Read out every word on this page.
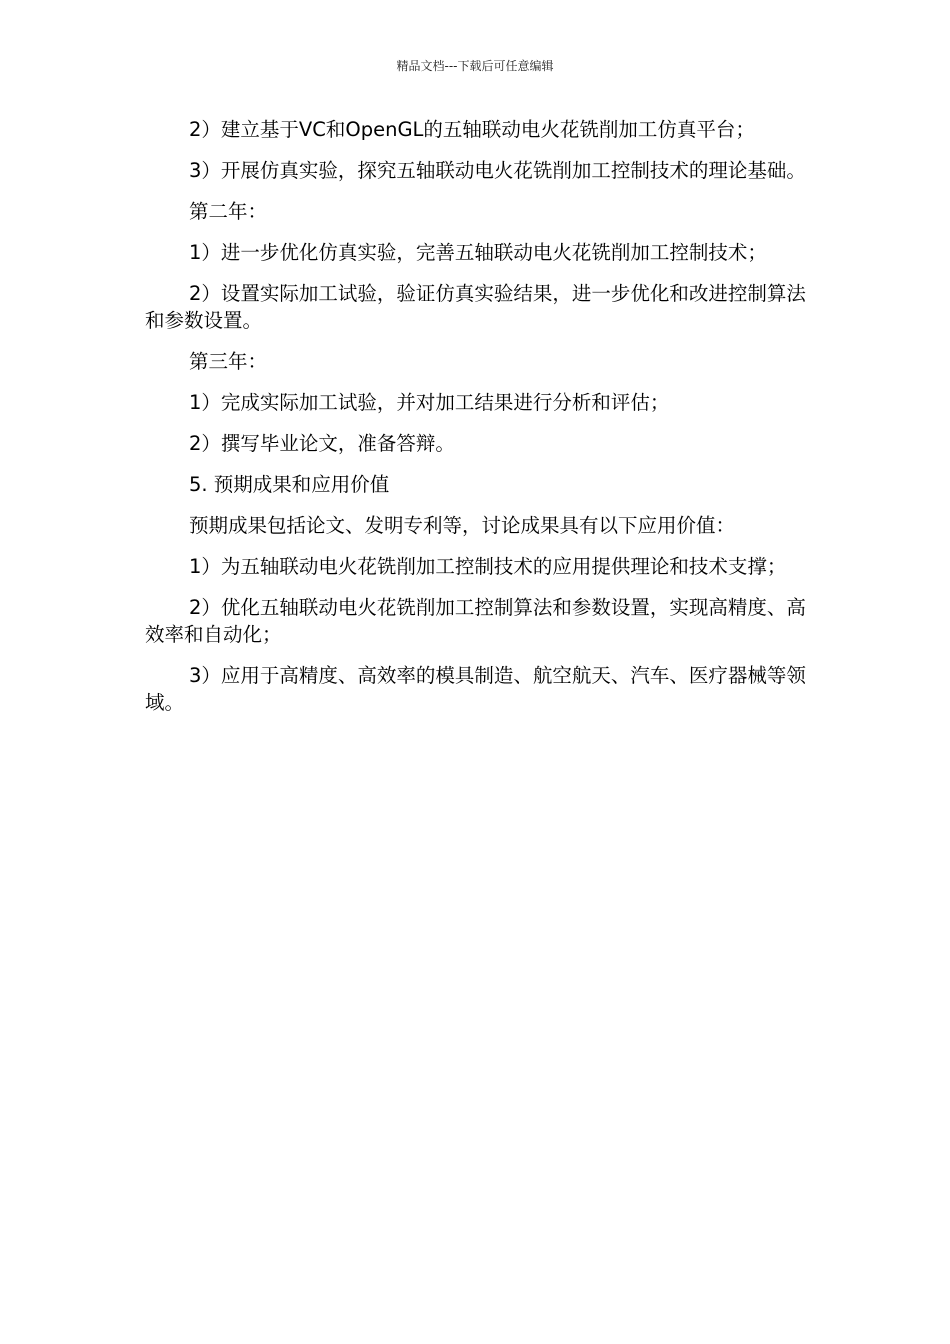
精品文档---下载后可任意编辑

2）建立基于VC和OpenGL的五轴联动电火花铣削加工仿真平台；

3）开展仿真实验，探究五轴联动电火花铣削加工控制技术的理论基础。

第二年：

1）进一步优化仿真实验，完善五轴联动电火花铣削加工控制技术；

2）设置实际加工试验，验证仿真实验结果，进一步优化和改进控制算法和参数设置。

第三年：

1）完成实际加工试验，并对加工结果进行分析和评估；

2）撰写毕业论文，准备答辩。

5. 预期成果和应用价值

预期成果包括论文、发明专利等，讨论成果具有以下应用价值：

1）为五轴联动电火花铣削加工控制技术的应用提供理论和技术支撑；

2）优化五轴联动电火花铣削加工控制算法和参数设置，实现高精度、高效率和自动化；

3）应用于高精度、高效率的模具制造、航空航天、汽车、医疗器械等领域。
